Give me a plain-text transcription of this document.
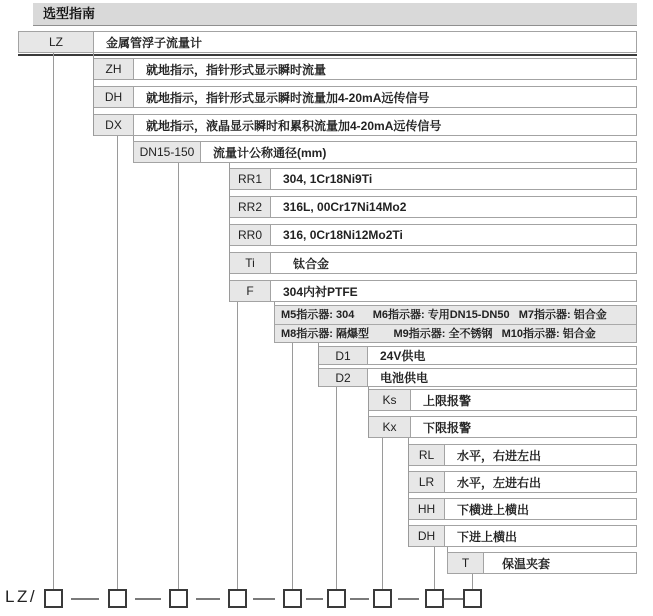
选型指南
LZ	金属管浮子流量计
ZH	就地指示，指针形式显示瞬时流量
DH	就地指示，指针形式显示瞬时流量加4-20mA远传信号
DX	就地指示，液晶显示瞬时和累积流量加4-20mA远传信号
DN15-150	流量计公称通径(mm)
RR1	304, 1Cr18Ni9Ti
RR2	316L, 00Cr17Ni14Mo2
RR0	316, 0Cr18Ni12Mo2Ti
Ti	钛合金
F	304内衬PTFE
M5指示器: 304      M6指示器: 专用DN15-DN50   M7指示器: 铝合金
M8指示器: 隔爆型        M9指示器: 全不锈钢   M10指示器: 铝合金
D1	24V供电
D2	电池供电
Ks	上限报警
Kx	下限报警
RL	水平，右进左出
LR	水平，左进右出
HH	下横进上横出
DH	下进上横出
T	保温夹套
LZ/
